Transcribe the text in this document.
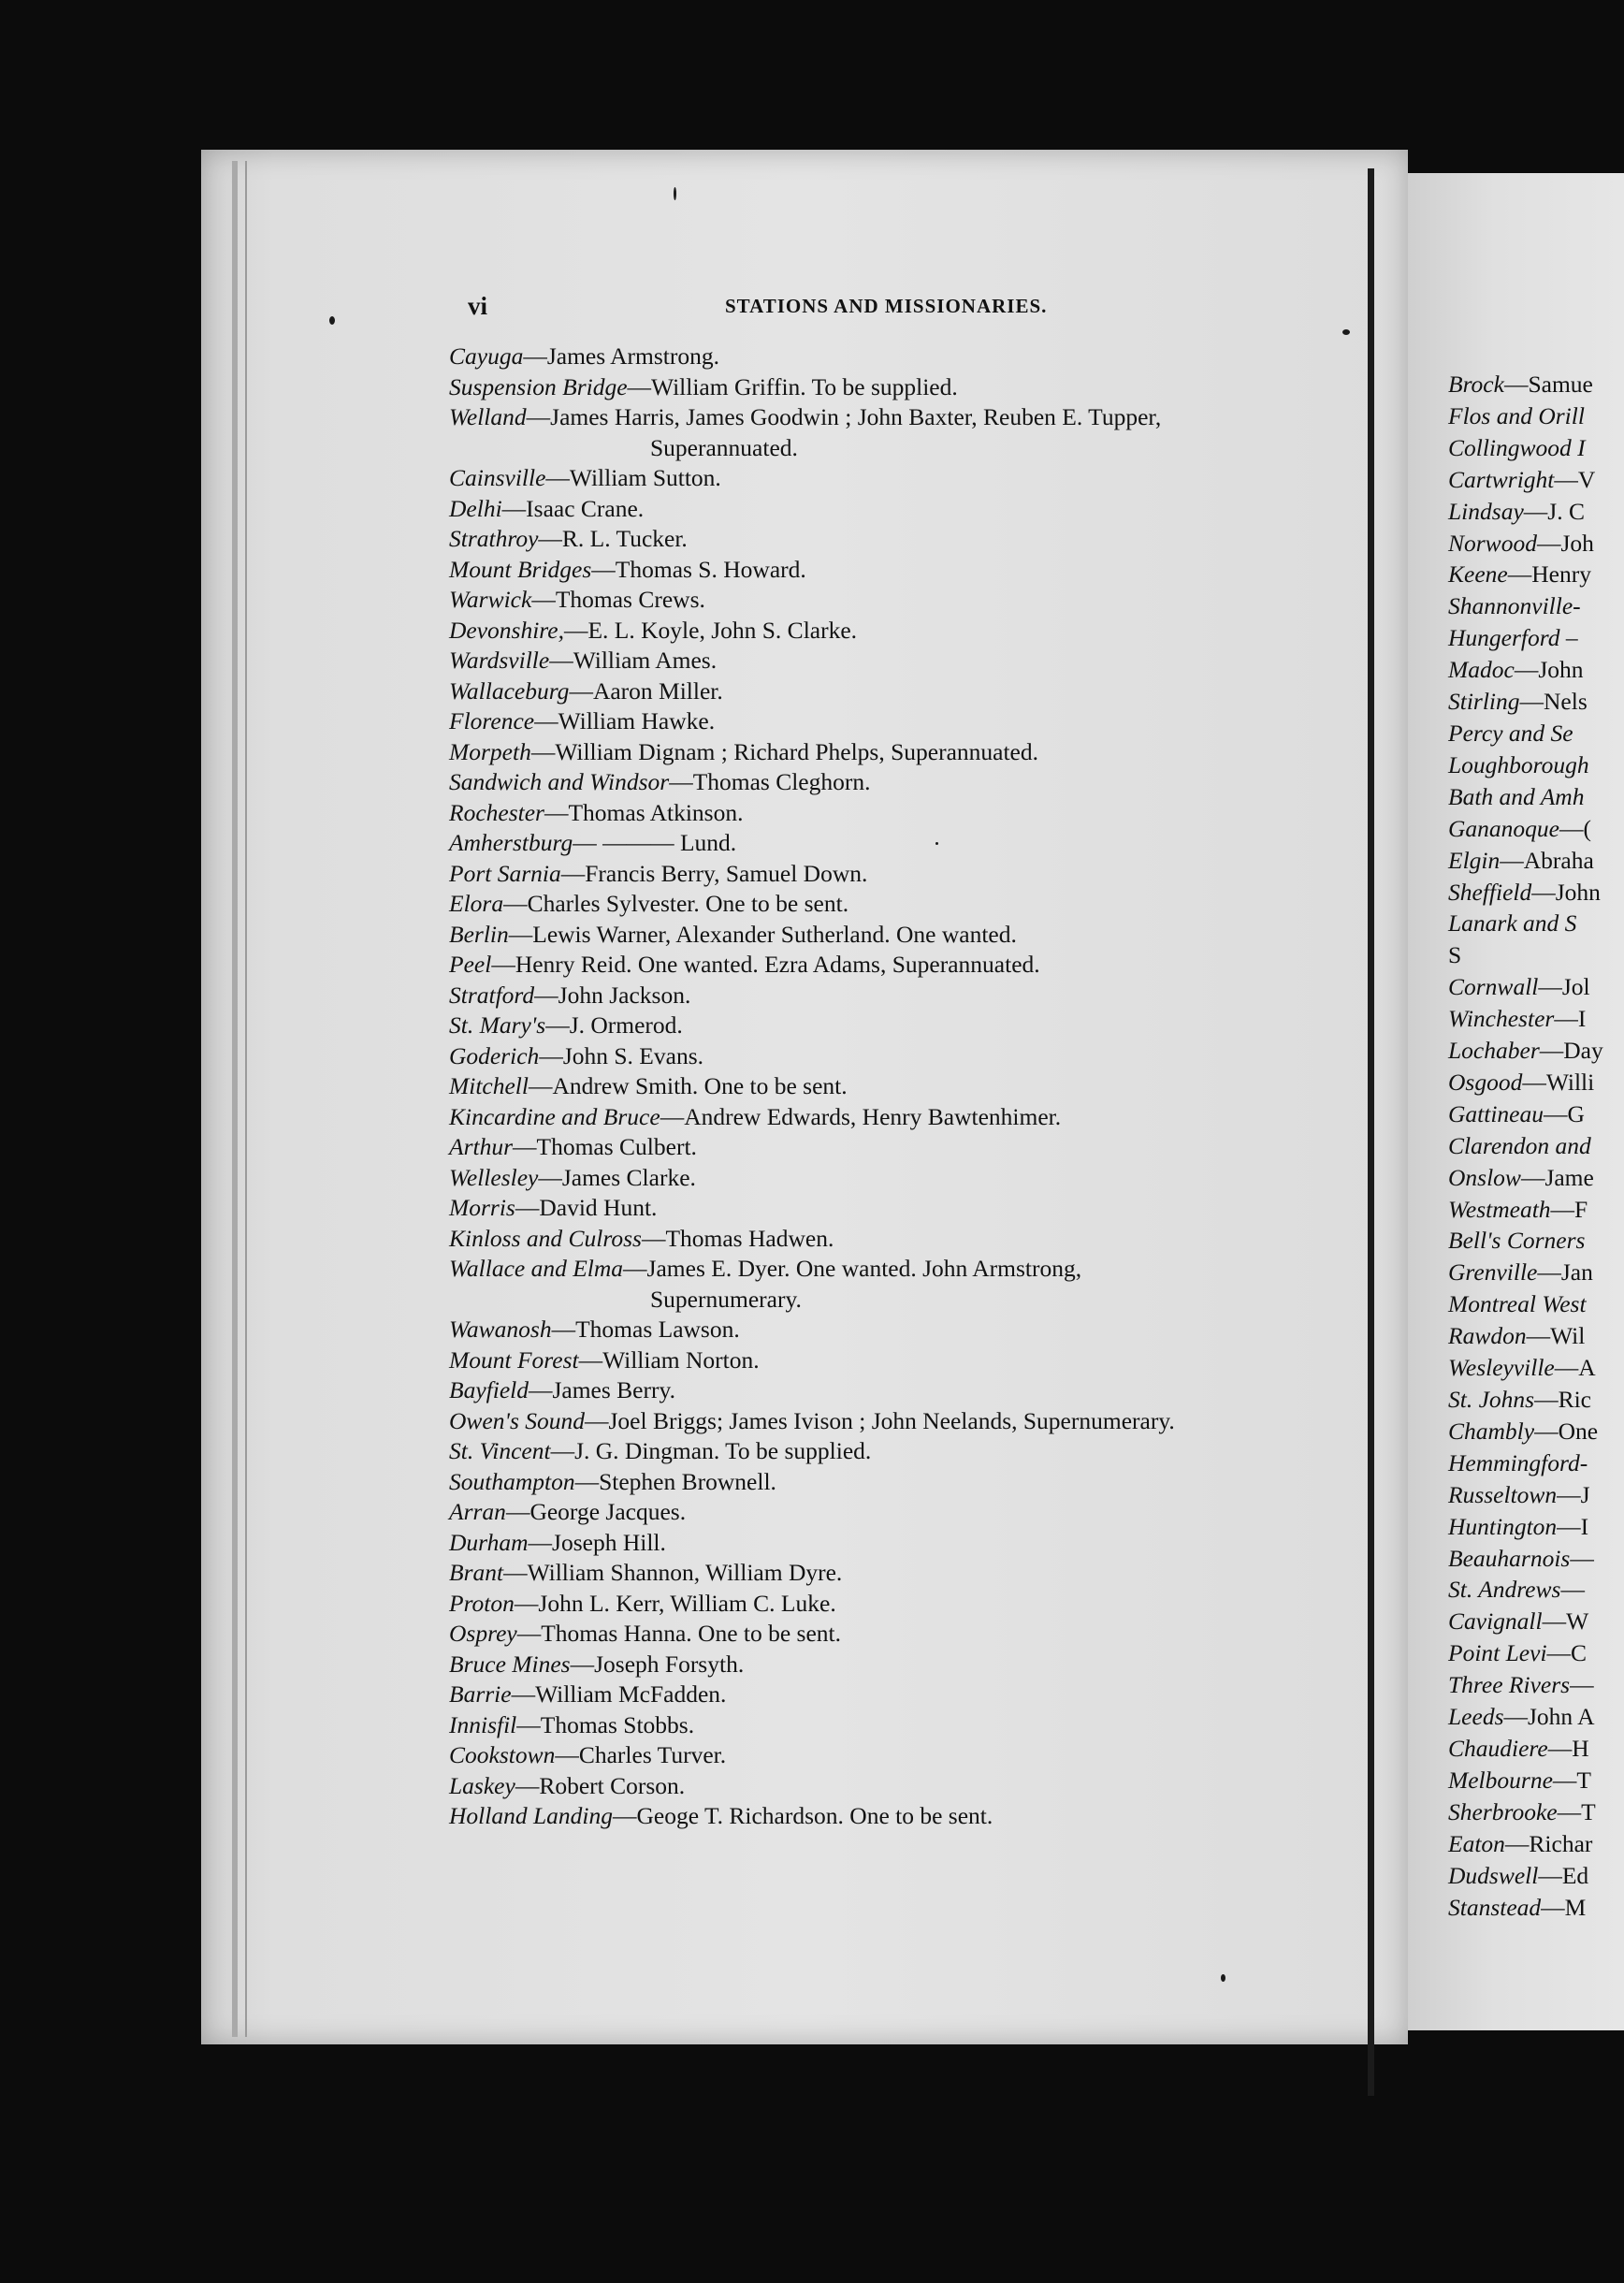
Brock—Samue
Flos and Orill
Collingwood I
Cartwright—V
Lindsay—J. C
Norwood—Joh
Keene—Henry
Shannonville-
Hungerford –
Madoc—John
Stirling—Nels
Percy and Se
Loughborough
Bath and Amh
Gananoque—(
Elgin—Abraha
Sheffield—John
Lanark and S
S
Cornwall—Jol
Winchester—I
Lochaber—Day
Osgood—Willi
Gattineau—G
Clarendon and
Onslow—Jame
Westmeath—F
Bell's Corners
Grenville—Jan
Montreal West
Rawdon—Wil
Wesleyville—A
St. Johns—Ric
Chambly—One
Hemmingford-
Russeltown—J
Huntington—I
Beauharnois—
St. Andrews—
Cavignall—W
Point Levi—C
Three Rivers—
Leeds—John A
Chaudiere—H
Melbourne—T
Sherbrooke—T
Eaton—Richar
Dudswell—Ed
Stanstead—M
vi	STATIONS AND MISSIONARIES.
Cayuga—James Armstrong.
Suspension Bridge—William Griffin. To be supplied.
Welland—James Harris, James Goodwin ; John Baxter, Reuben E. Tupper,
Superannuated.
Cainsville—William Sutton.
Delhi—Isaac Crane.
Strathroy—R. L. Tucker.
Mount Bridges—Thomas S. Howard.
Warwick—Thomas Crews.
Devonshire,—E. L. Koyle, John S. Clarke.
Wardsville—William Ames.
Wallaceburg—Aaron Miller.
Florence—William Hawke.
Morpeth—William Dignam ; Richard Phelps, Superannuated.
Sandwich and Windsor—Thomas Cleghorn.
Rochester—Thomas Atkinson.
Amherstburg— ——— Lund.
Port Sarnia—Francis Berry, Samuel Down.
Elora—Charles Sylvester. One to be sent.
Berlin—Lewis Warner, Alexander Sutherland. One wanted.
Peel—Henry Reid. One wanted. Ezra Adams, Superannuated.
Stratford—John Jackson.
St. Mary's—J. Ormerod.
Goderich—John S. Evans.
Mitchell—Andrew Smith. One to be sent.
Kincardine and Bruce—Andrew Edwards, Henry Bawtenhimer.
Arthur—Thomas Culbert.
Wellesley—James Clarke.
Morris—David Hunt.
Kinloss and Culross—Thomas Hadwen.
Wallace and Elma—James E. Dyer. One wanted. John Armstrong,
Supernumerary.
Wawanosh—Thomas Lawson.
Mount Forest—William Norton.
Bayfield—James Berry.
Owen's Sound—Joel Briggs; James Ivison ; John Neelands, Supernumerary.
St. Vincent—J. G. Dingman. To be supplied.
Southampton—Stephen Brownell.
Arran—George Jacques.
Durham—Joseph Hill.
Brant—William Shannon, William Dyre.
Proton—John L. Kerr, William C. Luke.
Osprey—Thomas Hanna. One to be sent.
Bruce Mines—Joseph Forsyth.
Barrie—William McFadden.
Innisfil—Thomas Stobbs.
Cookstown—Charles Turver.
Laskey—Robert Corson.
Holland Landing—Geoge T. Richardson. One to be sent.
